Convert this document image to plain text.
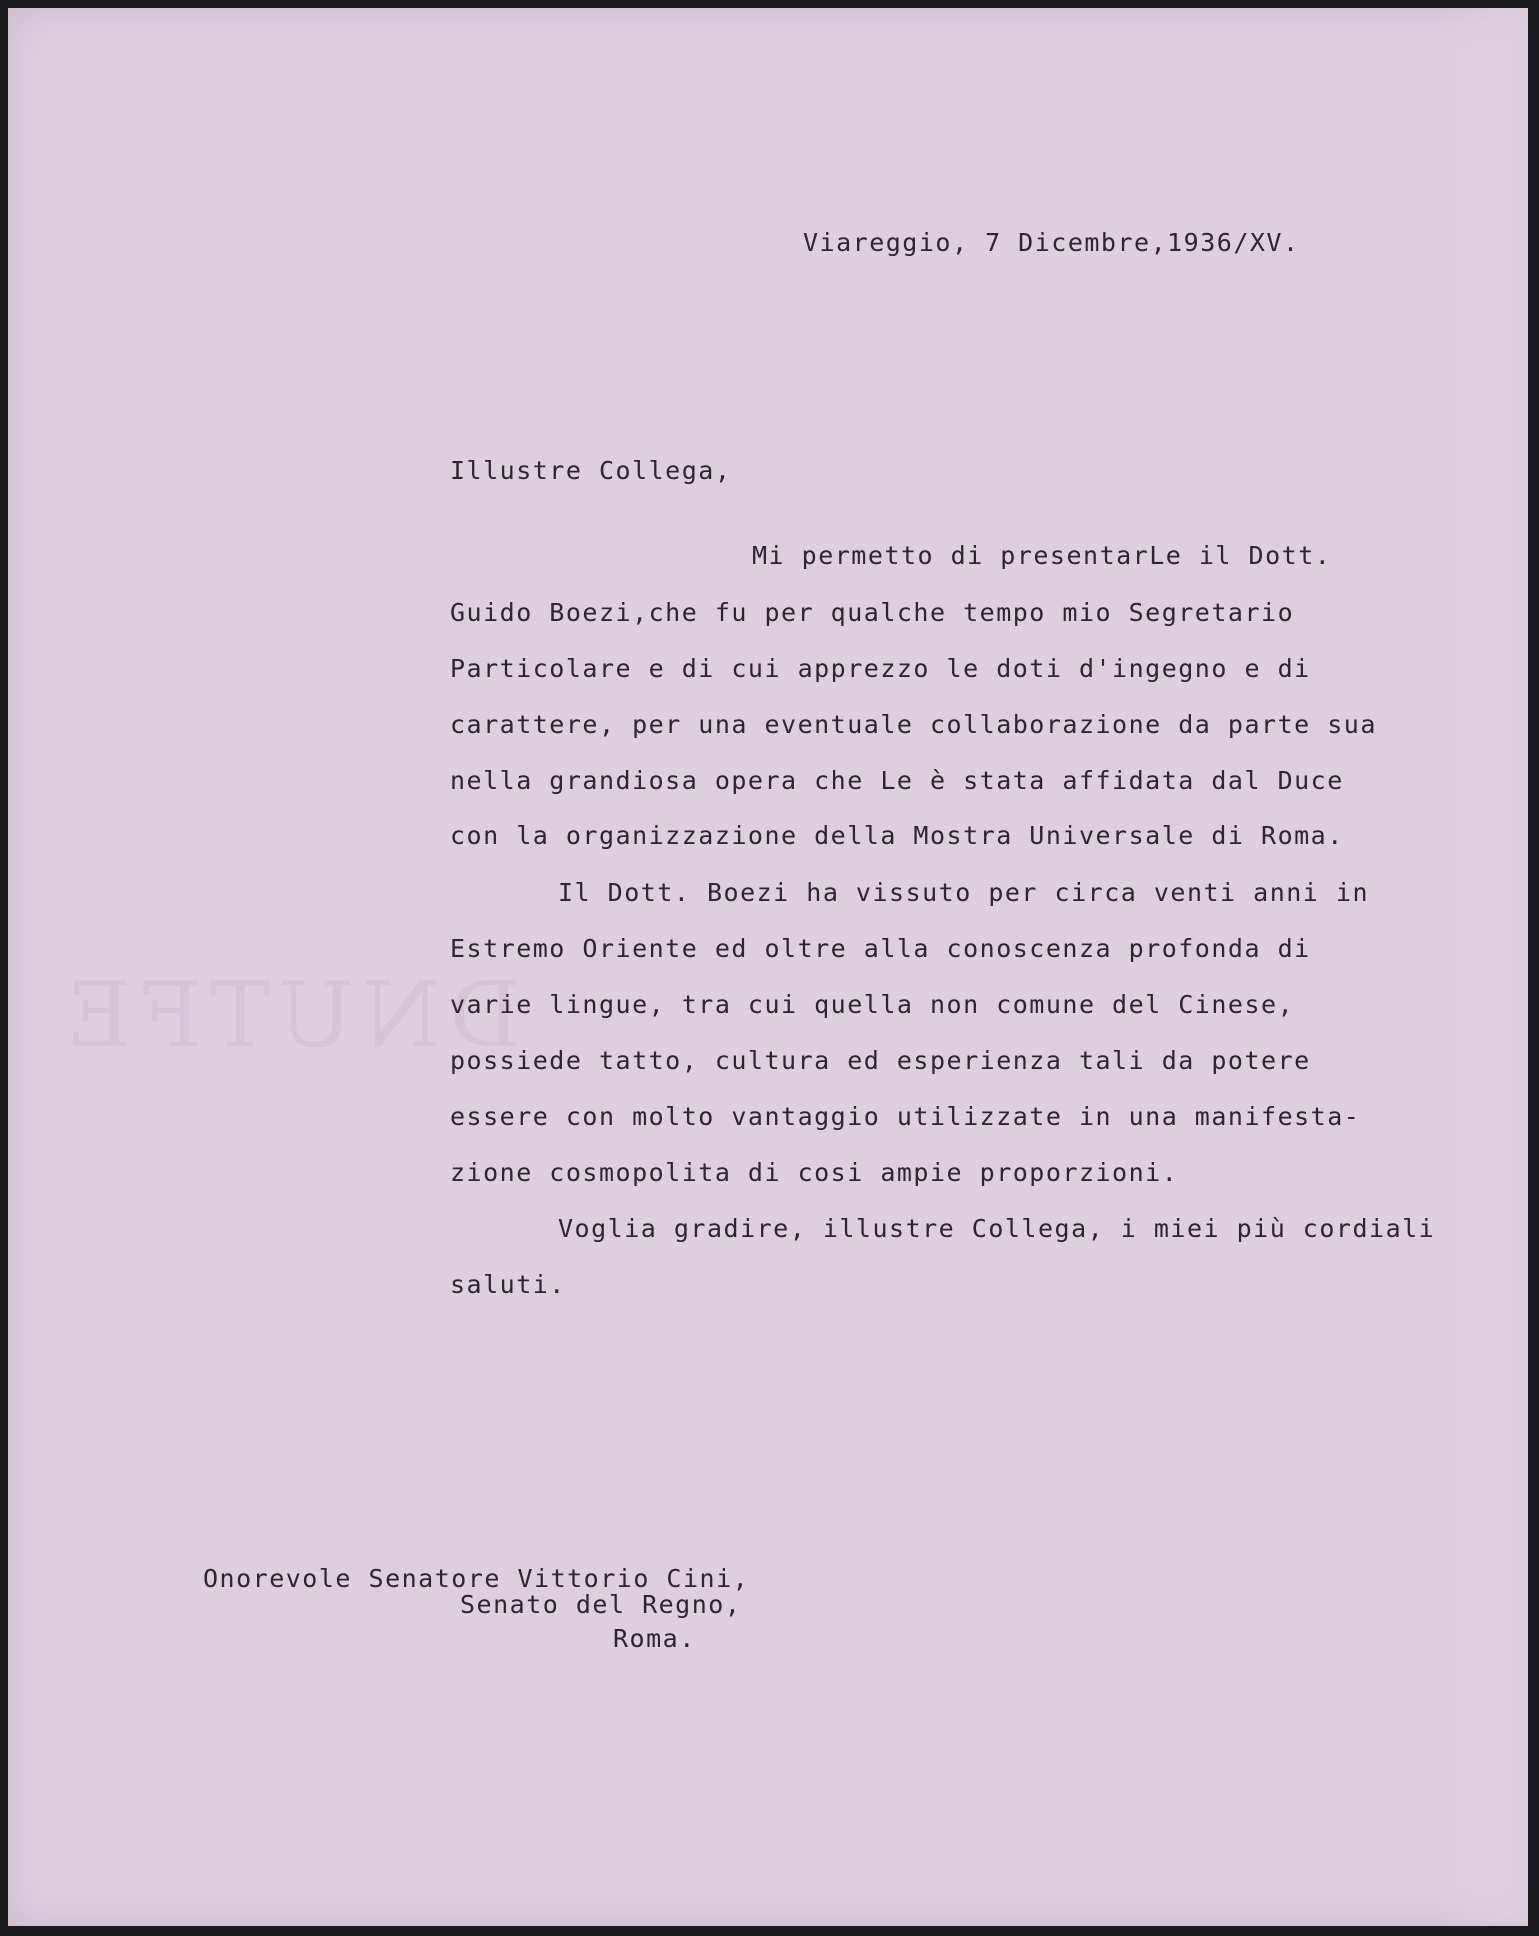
DNUTFE
Viareggio, 7 Dicembre,1936/XV.
Illustre Collega,
Mi permetto di presentarLe il Dott.
Guido Boezi,che fu per qualche tempo mio Segretario
Particolare e di cui apprezzo le doti d'ingegno e di
carattere, per una eventuale collaborazione da parte sua
nella grandiosa opera che Le è stata affidata dal Duce
con la organizzazione della Mostra Universale di Roma.
Il Dott. Boezi ha vissuto per circa venti anni in
Estremo Oriente ed oltre alla conoscenza profonda di
varie lingue, tra cui quella non comune del Cinese,
possiede tatto, cultura ed esperienza tali da potere
essere con molto vantaggio utilizzate in una manifesta-
zione cosmopolita di cosi ampie proporzioni.
Voglia gradire, illustre Collega, i miei più cordiali
saluti.
Onorevole Senatore Vittorio Cini,
Senato del Regno,
Roma.
